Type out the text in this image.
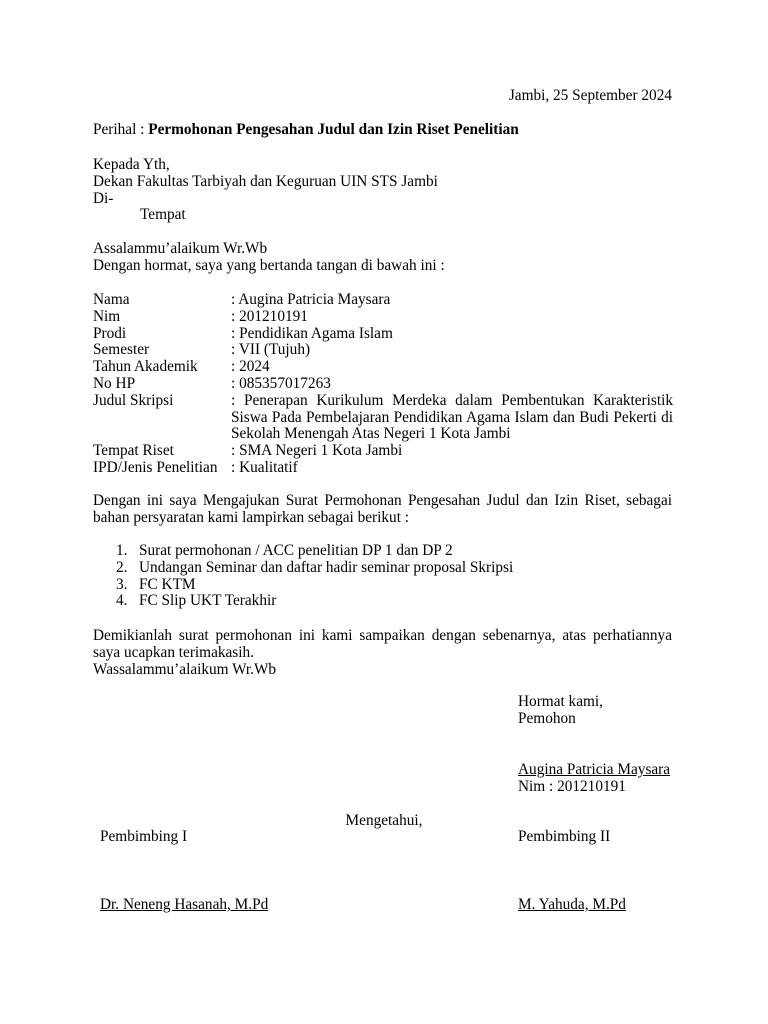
Jambi, 25 September 2024
Perihal : Permohonan Pengesahan Judul dan Izin Riset Penelitian
Kepada Yth,
Dekan Fakultas Tarbiyah dan Keguruan UIN STS Jambi
Di-
Tempat
Assalammu’alaikum Wr.Wb
Dengan hormat, saya yang bertanda tangan di bawah ini :
Nama	: Augina Patricia Maysara
Nim	: 201210191
Prodi	: Pendidikan Agama Islam
Semester	: VII (Tujuh)
Tahun Akademik	: 2024
No HP	: 085357017263
Judul Skripsi	: Penerapan Kurikulum Merdeka dalam Pembentukan Karakteristik Siswa Pada Pembelajaran Pendidikan Agama Islam dan Budi Pekerti di Sekolah Menengah Atas Negeri 1 Kota Jambi
Tempat Riset	: SMA Negeri 1 Kota Jambi
IPD/Jenis Penelitian : Kualitatif
Dengan ini saya Mengajukan Surat Permohonan Pengesahan Judul dan Izin Riset, sebagai bahan persyaratan kami lampirkan sebagai berikut :
1. Surat permohonan / ACC penelitian DP 1 dan DP 2
2. Undangan Seminar dan daftar hadir seminar proposal Skripsi
3. FC KTM
4. FC Slip UKT Terakhir
Demikianlah surat permohonan ini kami sampaikan dengan sebenarnya, atas perhatiannya saya ucapkan terimakasih.
Wassalammu’alaikum Wr.Wb
Hormat kami,
Pemohon
Augina Patricia Maysara
Nim : 201210191
Mengetahui,
Pembimbing I	Pembimbing II
Dr. Neneng Hasanah, M.Pd	M. Yahuda, M.Pd
